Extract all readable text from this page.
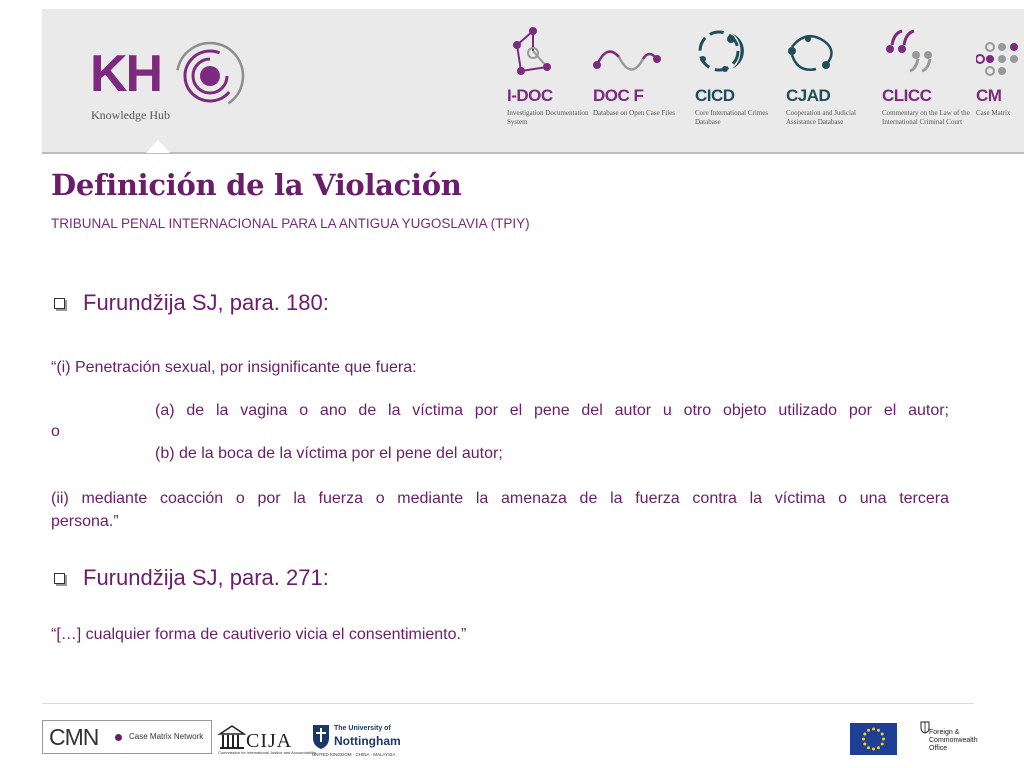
KH
Knowledge Hub
I-DOC
Investigation Documentation System
DOC F
Database on Open Case Files
CICD
Core International Crimes Database
CJAD
Cooperation and Judicial Assistance Database
CLICC
Commentary on the Law of the International Criminal Court
CM
Case Matrix
Definición de la Violación
TRIBUNAL PENAL INTERNACIONAL PARA LA ANTIGUA YUGOSLAVIA (TPIY)
Furundžija SJ, para. 180:
“(i) Penetración sexual, por insignificante que fuera:
(a) de la vagina o ano de la víctima por el pene del autor u otro objeto utilizado por el autor;
o
(b) de la boca de la víctima por el pene del autor;
(ii) mediante coacción o por la fuerza o mediante la amenaza de la fuerza contra la víctima o una tercera
persona.”
Furundžija SJ, para. 271:
“[…] cualquier forma de cautiverio vicia el consentimiento.”
CMN	Case Matrix Network CIJA
Commission for International Justice and Accountability
The University of
Nottingham
UNITED KINGDOM · CHINA · MALAYSIA
Foreign &
Commonwealth
Office
